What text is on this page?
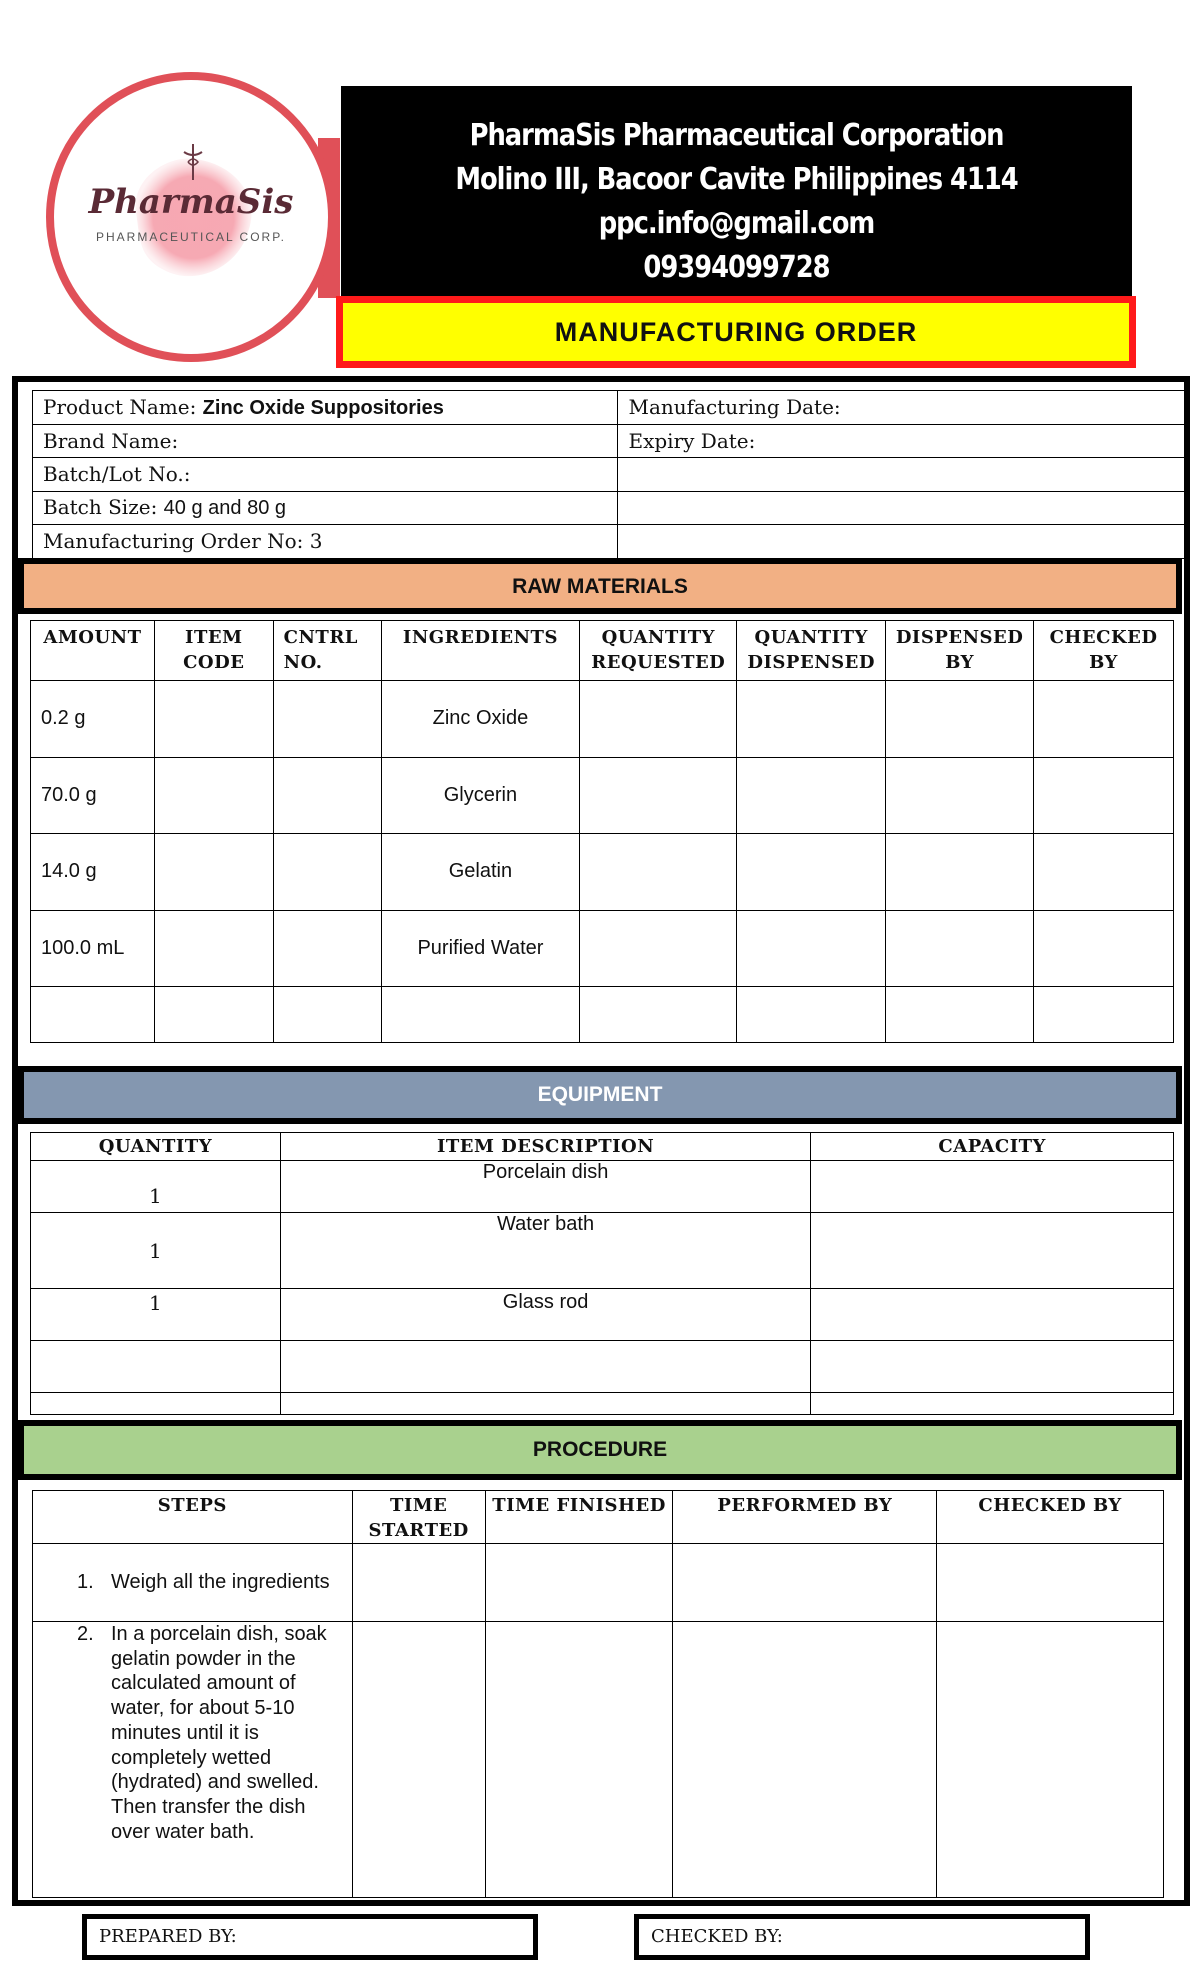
PharmaSis
PHARMACEUTICAL CORP.
PharmaSis Pharmaceutical Corporation
Molino III, Bacoor Cavite Philippines 4114
ppc.info@gmail.com
09394099728
MANUFACTURING ORDER
Product Name: Zinc Oxide Suppositories	Manufacturing Date:
Brand Name:	Expiry Date:
Batch/Lot No.:	
Batch Size: 40 g and 80 g	
Manufacturing Order No: 3	
RAW MATERIALS
AMOUNT	ITEM CODE	CNTRL NO.	INGREDIENTS	QUANTITY REQUESTED	QUANTITY DISPENSED	DISPENSED BY	CHECKED BY
0.2 g			Zinc Oxide				
70.0 g			Glycerin				
14.0 g			Gelatin				
100.0 mL			Purified Water				

EQUIPMENT
QUANTITY	ITEM DESCRIPTION	CAPACITY
1	Porcelain dish	
1	Water bath	
1	Glass rod	

PROCEDURE
STEPS	TIME STARTED	TIME FINISHED	PERFORMED BY	CHECKED BY

1. Weigh all the ingredients				

2. In a porcelain dish, soak gelatin powder in the calculated amount of water, for about 5-10 minutes until it is completely wetted (hydrated) and swelled. Then transfer the dish over water bath.				

PREPARED BY:	CHECKED BY:
